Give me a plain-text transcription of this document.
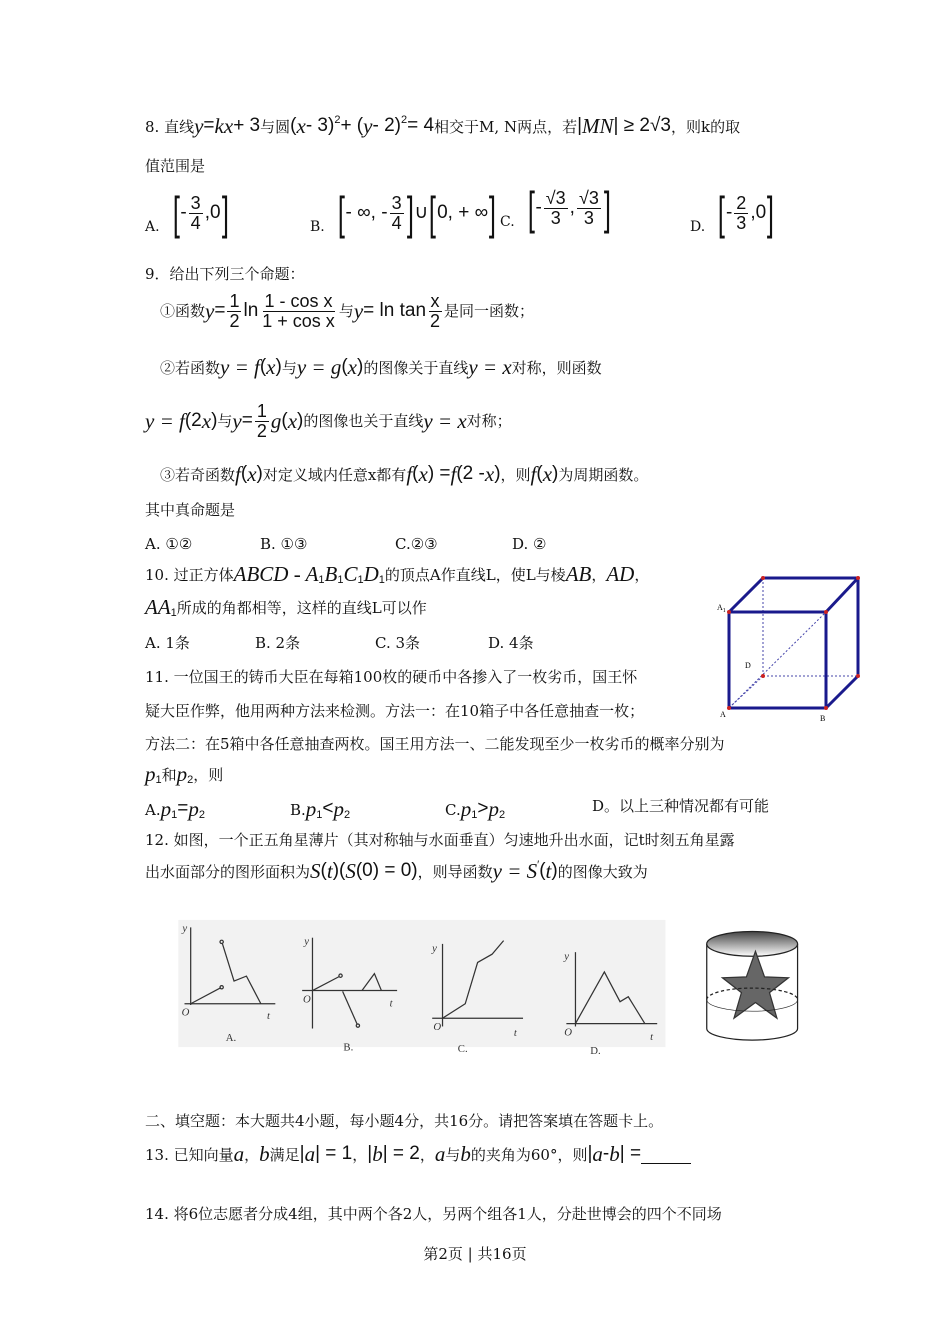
8. 直线 y = kx + 3 与圆 ( x - 3) 2 + ( y - 2) 2 = 4 相交于M, N两点，若 | MN | ≥ 2√3 ，则k的取
值范围是
A. [ - $\frac{3}{4} ,0$ ]	B. [ - ∞, - $\frac{3}{4}$ ] ∪ [ 0, + ∞ ] C. [ - $\frac{√3}{3}$ , $\frac{√3}{3}$ ]	D. [ - $\frac{2}{3} ,0$ ]
9．给出下列三个命题：
①函数 $y = \frac{1}{2}$ $\ln \frac{\text{1 - cos x}}{\text{1 + cos x}}$ 与 $y = \ln \tan \frac{x}{2}$ 是同一函数；
②若函数 y = f ( x ) 与 y = g ( x ) 的图像关于直线 y = x 对称，则函数
y = f (2 x ) 与 $y = \frac{1}{2}$ g ( x ) 的图像也关于直线 y = x 对称；
③若奇函数 f ( x ) 对定义域内任意x都有 f ( x ) = f (2 - x ) ，则 f ( x ) 为周期函数。
其中真命题是
A. ①②	B. ①③	C.②③	D. ②
10. 过正方体 ABCD - A 1 B 1 C 1 D 1 的顶点A作直线L，使L与棱 AB ， AD ，
AA 1 所成的角都相等，这样的直线L可以作
A. 1条	B. 2条	C. 3条	D. 4条
$A_1$
D
A	B
11. 一位国王的铸币大臣在每箱100枚的硬币中各掺入了一枚劣币，国王怀
疑大臣作弊，他用两种方法来检测。方法一：在10箱子中各任意抽查一枚；
方法二：在5箱中各任意抽查两枚。国王用方法一、二能发现至少一枚劣币的概率分别为
p 1 和 p 2 ，则
A. p 1 = p 2	B. p 1 < p 2	C. p 1 > p 2	D。以上三种情况都有可能
12. 如图，一个正五角星薄片（其对称轴与水面垂直）匀速地升出水面，记t时刻五角星露
出水面部分的图形面积为 S ( t )( S (0) = 0) ，则导函数 y = S ′ ( t ) 的图像大致为
y
O	t
y
O	t
y
O
t
y
O	t
A.
B.	C.	D.
二、填空题：本大题共4小题，每小题4分，共16分。请把答案填在答题卡上。
13. 已知向量 a ， b 满足 | a | = 1 ， | b | = 2 ， a 与 b 的夹角为60°，则 | a - b | =
14. 将6位志愿者分成4组，其中两个各2人，另两个组各1人，分赴世博会的四个不同场
第2页 | 共16页
